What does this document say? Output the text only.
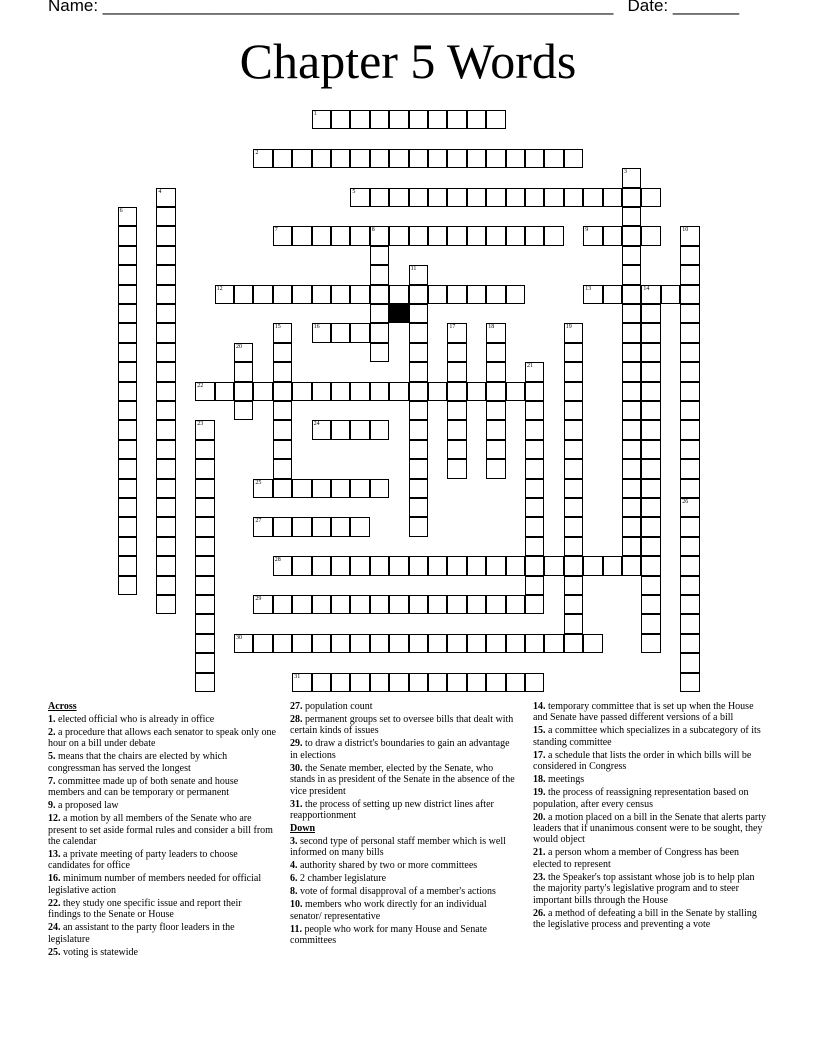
Name: ______________________________________________________   Date: _______
Chapter 5 Words
1
2
3
4	5
6
7	8	9	10
26
11
12	13	14
15	16	17	18	19
20
21
22
23	24
25
27
28
29
30
31
Across
1. elected official who is already in office
2. a procedure that allows each senator to speak only one hour on a bill under debate
5. means that the chairs are elected by which congressman has served the longest
7. committee made up of both senate and house members and can be temporary or permanent
9. a proposed law
12. a motion by all members of the Senate who are present to set aside formal rules and consider a bill from the calendar
13. a private meeting of party leaders to choose candidates for office
16. minimum number of members needed for official legislative action
22. they study one specific issue and report their findings to the Senate or House
24. an assistant to the party floor leaders in the legislature
25. voting is statewide
27. population count
28. permanent groups set to oversee bills that dealt with certain kinds of issues
29. to draw a district's boundaries to gain an advantage in elections
30. the Senate member, elected by the Senate, who stands in as president of the Senate in the absence of the vice president
31. the process of setting up new district lines after reapportionment
Down
3. second type of personal staff member which is well informed on many bills
4. authority shared by two or more committees
6. 2 chamber legislature
8. vote of formal disapproval of a member's actions
10. members who work directly for an individual senator/ representative
11. people who work for many House and Senate committees
14. temporary committee that is set up when the House and Senate have passed different versions of a bill
15. a committee which specializes in a subcategory of its standing committee
17. a schedule that lists the order in which bills will be considered in Congress
18. meetings
19. the process of reassigning representation based on population, after every census
20. a motion placed on a bill in the Senate that alerts party leaders that if unanimous consent were to be sought, they would object
21. a person whom a member of Congress has been elected to represent
23. the Speaker's top assistant whose job is to help plan the majority party's legislative program and to steer important bills through the House
26. a method of defeating a bill in the Senate by stalling the legislative process and preventing a vote
